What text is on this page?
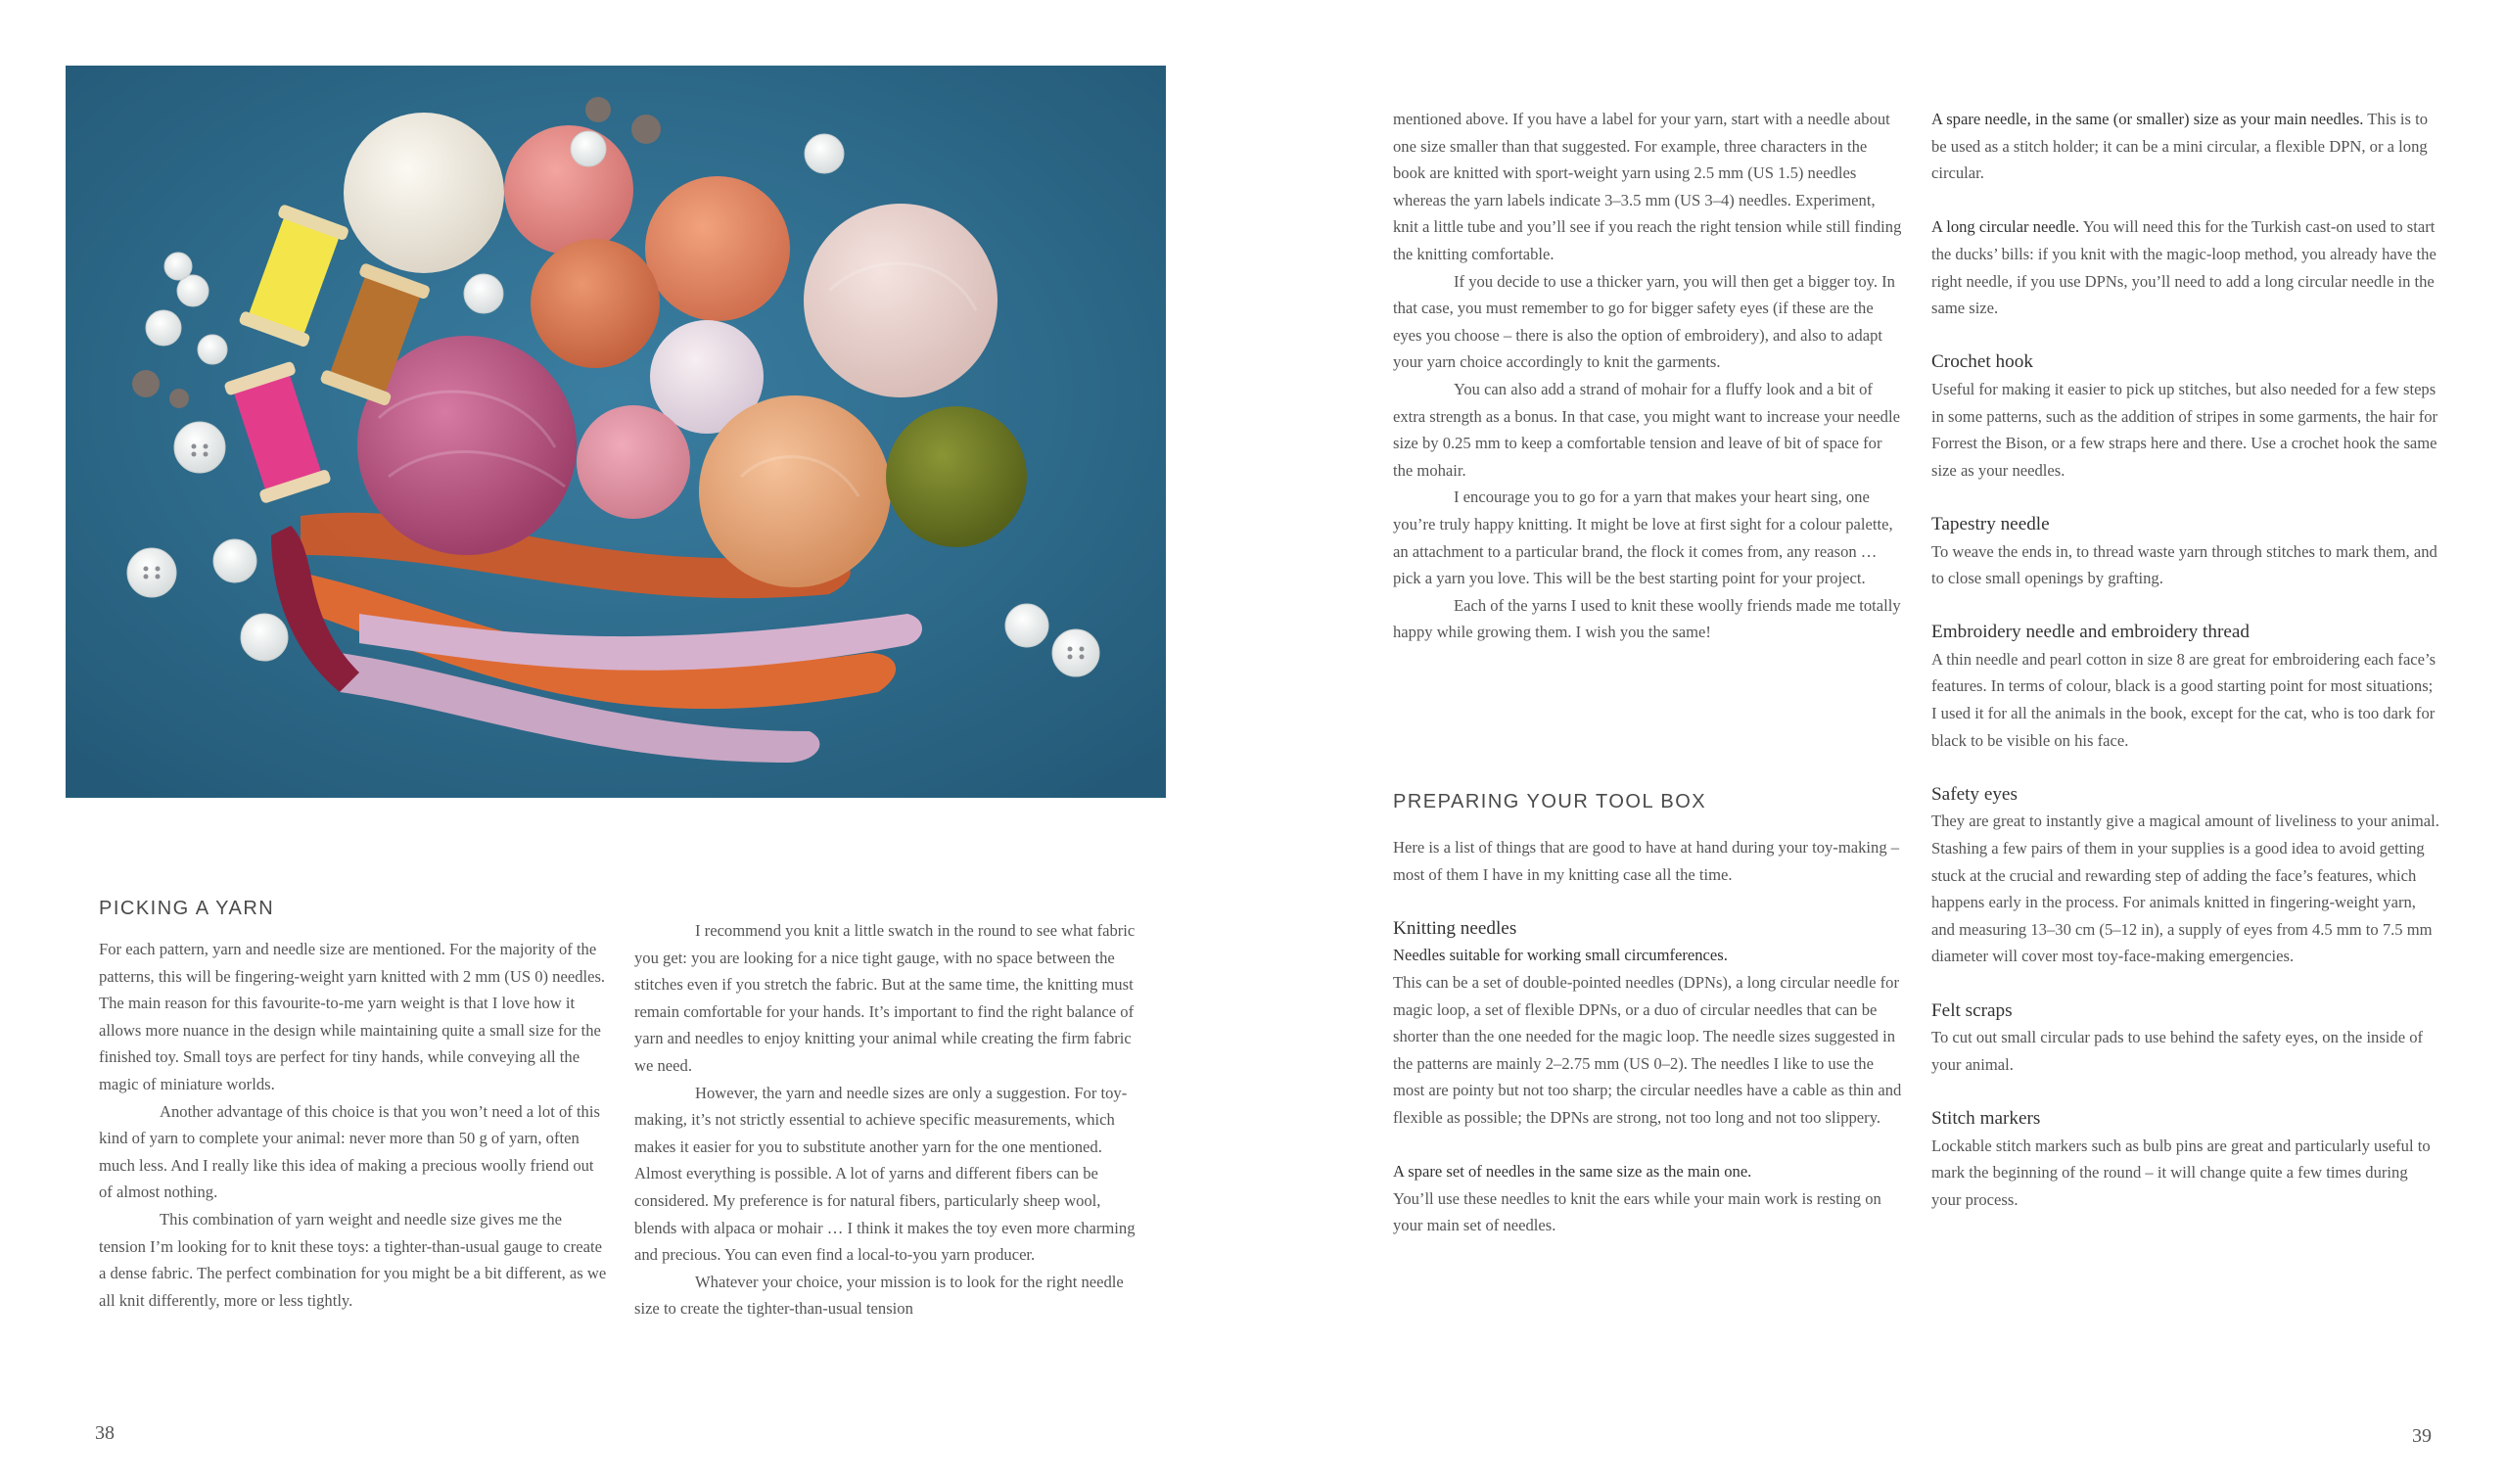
PICKING A YARN

For each pattern, yarn and needle size are mentioned. For the majority of the patterns, this will be fingering-weight yarn knitted with 2 mm (US 0) needles. The main reason for this favourite-to-me yarn weight is that I love how it allows more nuance in the design while maintaining quite a small size for the finished toy. Small toys are perfect for tiny hands, while conveying all the magic of miniature worlds.

Another advantage of this choice is that you won’t need a lot of this kind of yarn to complete your animal: never more than 50 g of yarn, often much less. And I really like this idea of making a precious woolly friend out of almost nothing.

This combination of yarn weight and needle size gives me the tension I’m looking for to knit these toys: a tighter-than-usual gauge to create a dense fabric. The perfect combination for you might be a bit different, as we all knit differently, more or less tightly.

I recommend you knit a little swatch in the round to see what fabric you get: you are looking for a nice tight gauge, with no space between the stitches even if you stretch the fabric. But at the same time, the knitting must remain comfortable for your hands. It’s important to find the right balance of yarn and needles to enjoy knitting your animal while creating the firm fabric we need.

However, the yarn and needle sizes are only a suggestion. For toy-making, it’s not strictly essential to achieve specific measurements, which makes it easier for you to substitute another yarn for the one mentioned. Almost everything is possible. A lot of yarns and different fibers can be considered. My preference is for natural fibers, particularly sheep wool, blends with alpaca or mohair … I think it makes the toy even more charming and precious. You can even find a local-to-you yarn producer.

Whatever your choice, your mission is to look for the right needle size to create the tighter-than-usual tension

38

mentioned above. If you have a label for your yarn, start with a needle about one size smaller than that suggested. For example, three characters in the book are knitted with sport-weight yarn using 2.5 mm (US 1.5) needles whereas the yarn labels indicate 3–3.5 mm (US 3–4) needles. Experiment, knit a little tube and you’ll see if you reach the right tension while still finding the knitting comfortable.

If you decide to use a thicker yarn, you will then get a bigger toy. In that case, you must remember to go for bigger safety eyes (if these are the eyes you choose – there is also the option of embroidery), and also to adapt your yarn choice accordingly to knit the garments.

You can also add a strand of mohair for a fluffy look and a bit of extra strength as a bonus. In that case, you might want to increase your needle size by 0.25 mm to keep a comfortable tension and leave of bit of space for the mohair.

I encourage you to go for a yarn that makes your heart sing, one you’re truly happy knitting. It might be love at first sight for a colour palette, an attachment to a particular brand, the flock it comes from, any reason … pick a yarn you love. This will be the best starting point for your project.

Each of the yarns I used to knit these woolly friends made me totally happy while growing them. I wish you the same!

PREPARING YOUR TOOL BOX

Here is a list of things that are good to have at hand during your toy-making – most of them I have in my knitting case all the time.

Knitting needles

Needles suitable for working small circumferences.

This can be a set of double-pointed needles (DPNs), a long circular needle for magic loop, a set of flexible DPNs, or a duo of circular needles that can be shorter than the one needed for the magic loop. The needle sizes suggested in the patterns are mainly 2–2.75 mm (US 0–2). The needles I like to use the most are pointy but not too sharp; the circular needles have a cable as thin and flexible as possible; the DPNs are strong, not too long and not too slippery.

A spare set of needles in the same size as the main one.

You’ll use these needles to knit the ears while your main work is resting on your main set of needles.

A spare needle, in the same (or smaller) size as your main needles. This is to be used as a stitch holder; it can be a mini circular, a flexible DPN, or a long circular.

A long circular needle. You will need this for the Turkish cast-on used to start the ducks’ bills: if you knit with the magic-loop method, you already have the right needle, if you use DPNs, you’ll need to add a long circular needle in the same size.

Crochet hook

Useful for making it easier to pick up stitches, but also needed for a few steps in some patterns, such as the addition of stripes in some garments, the hair for Forrest the Bison, or a few straps here and there. Use a crochet hook the same size as your needles.

Tapestry needle

To weave the ends in, to thread waste yarn through stitches to mark them, and to close small openings by grafting.

Embroidery needle and embroidery thread

A thin needle and pearl cotton in size 8 are great for embroidering each face’s features. In terms of colour, black is a good starting point for most situations; I used it for all the animals in the book, except for the cat, who is too dark for black to be visible on his face.

Safety eyes

They are great to instantly give a magical amount of liveliness to your animal. Stashing a few pairs of them in your supplies is a good idea to avoid getting stuck at the crucial and rewarding step of adding the face’s features, which happens early in the process. For animals knitted in fingering-weight yarn, and measuring 13–30 cm (5–12 in), a supply of eyes from 4.5 mm to 7.5 mm diameter will cover most toy-face-making emergencies.

Felt scraps

To cut out small circular pads to use behind the safety eyes, on the inside of your animal.

Stitch markers

Lockable stitch markers such as bulb pins are great and particularly useful to mark the beginning of the round – it will change quite a few times during your process.

39
